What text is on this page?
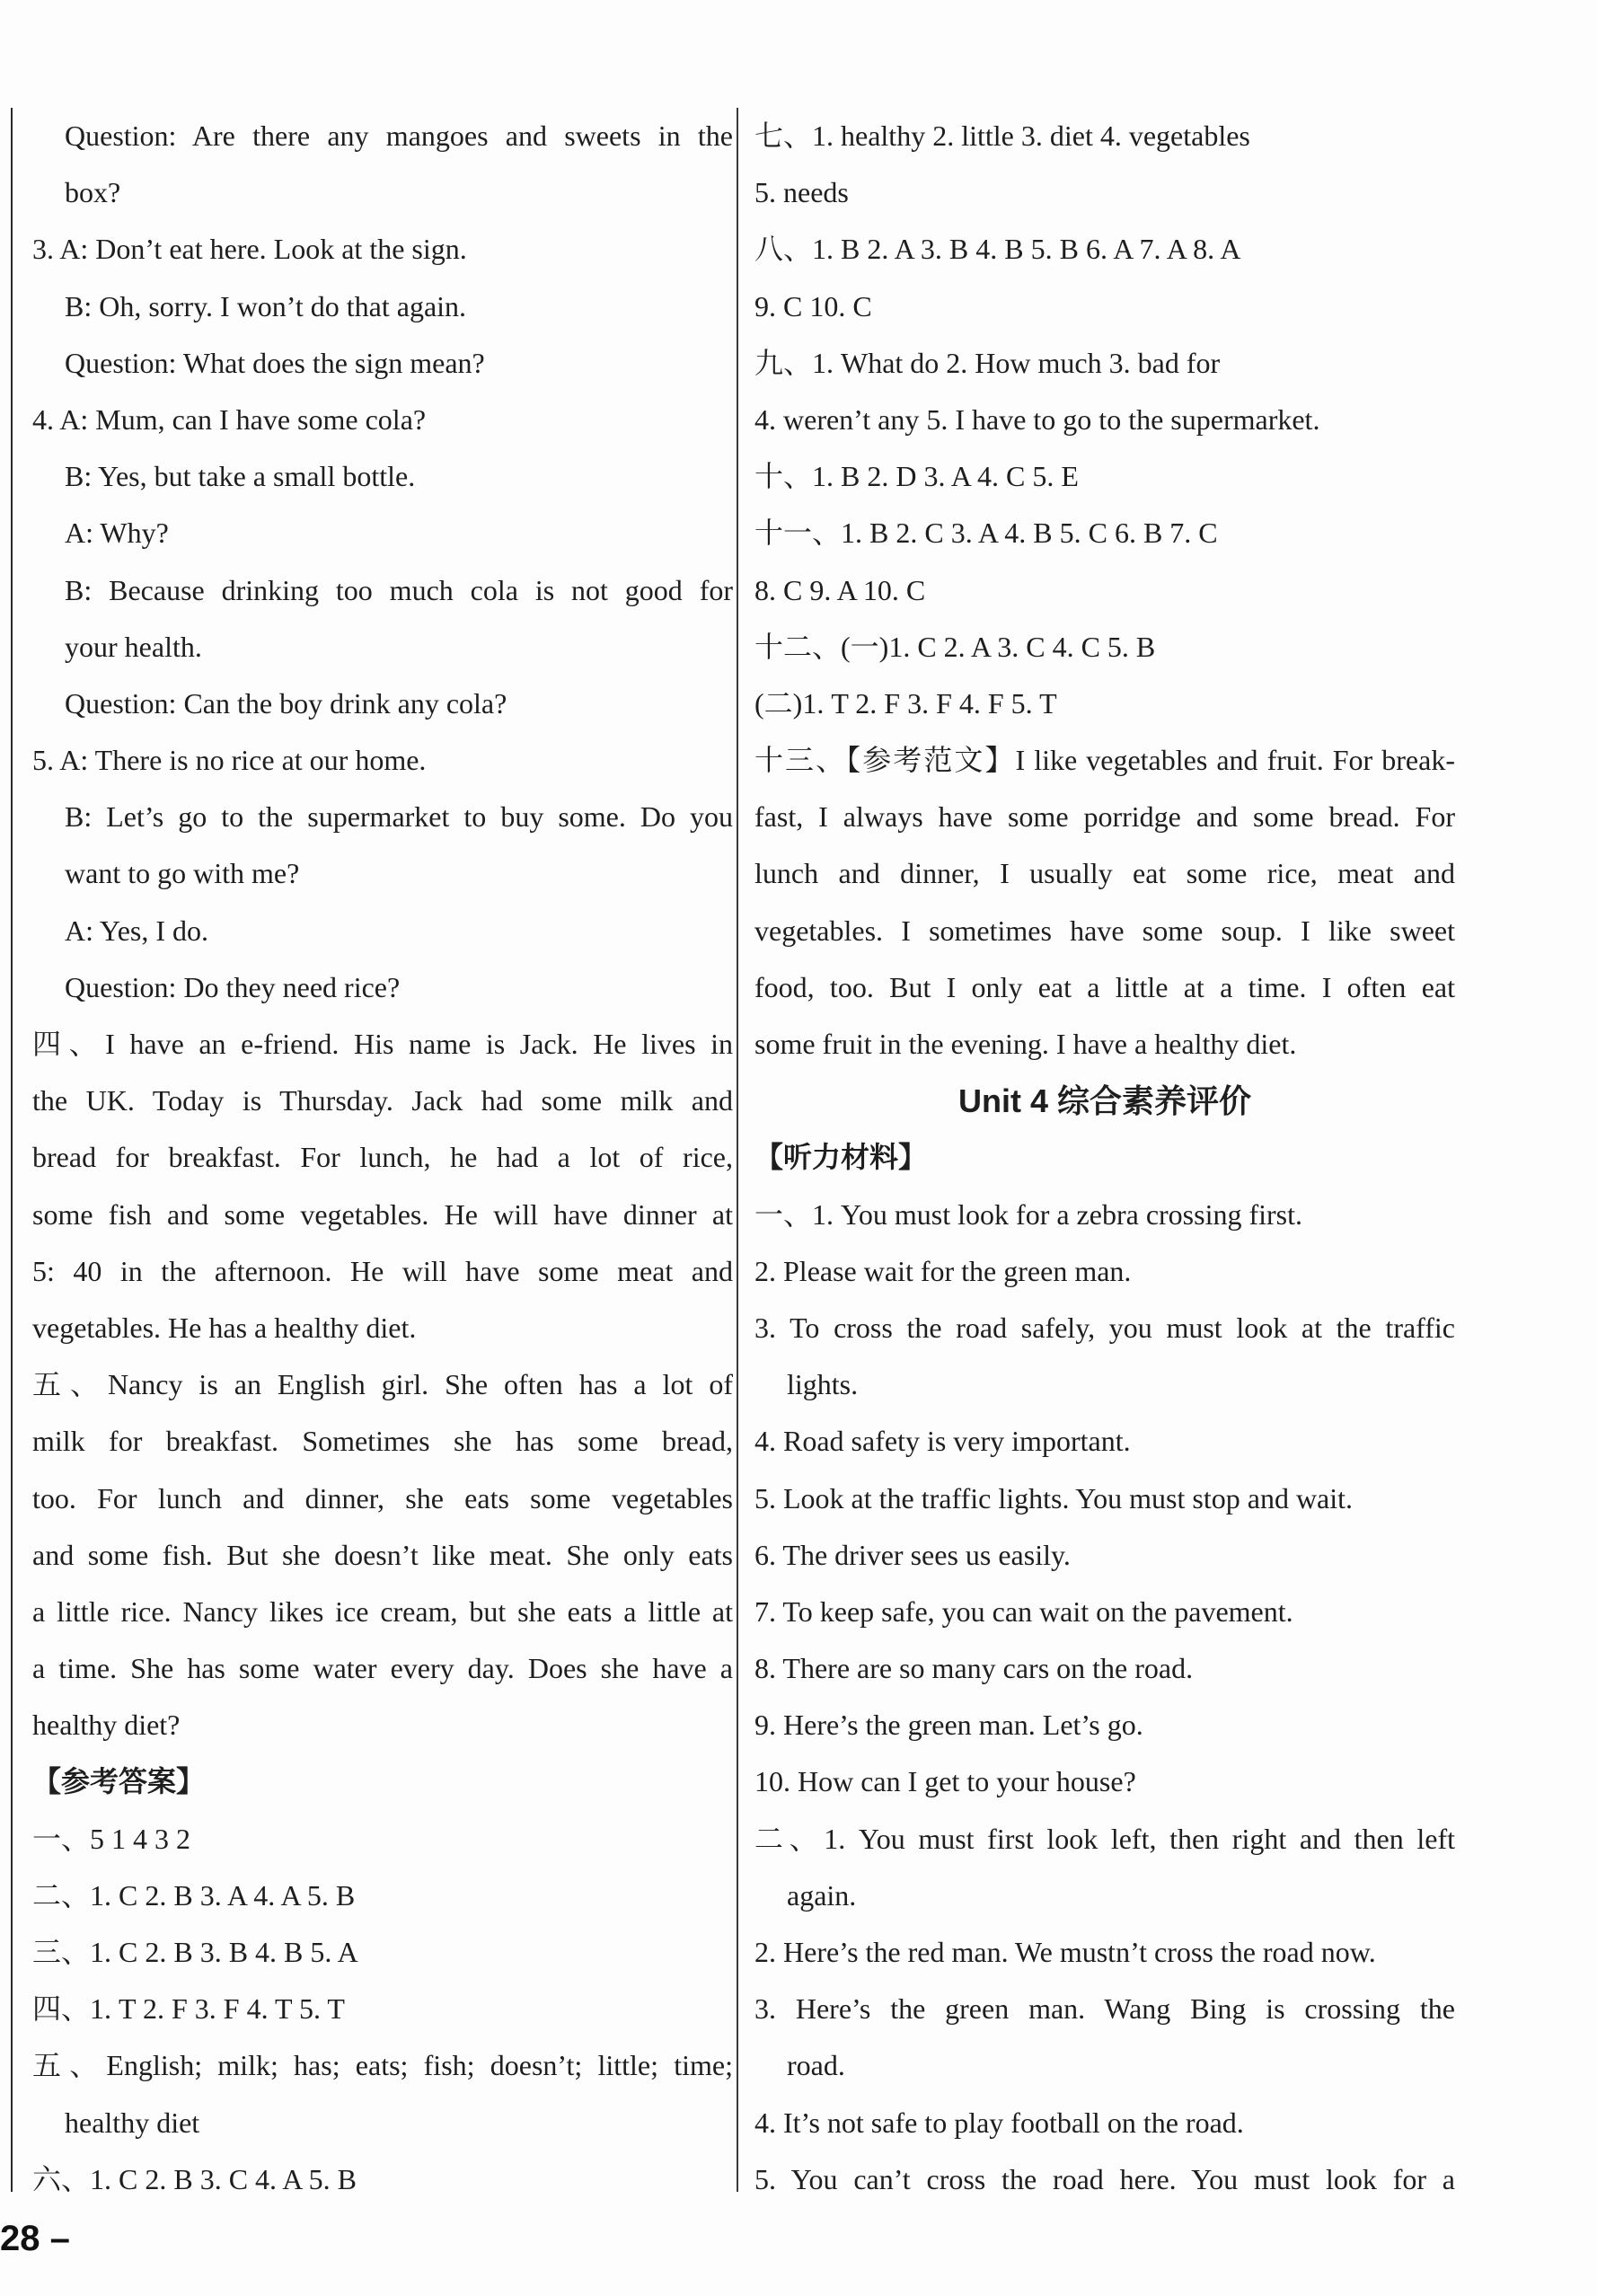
Question: Are there any mangoes and sweets in the
box?
3. A: Don’t eat here. Look at the sign.
B: Oh, sorry. I won’t do that again.
Question: What does the sign mean?
4. A: Mum, can I have some cola?
B: Yes, but take a small bottle.
A: Why?
B: Because drinking too much cola is not good for
your health.
Question: Can the boy drink any cola?
5. A: There is no rice at our home.
B: Let’s go to the supermarket to buy some. Do you
want to go with me?
A: Yes, I do.
Question: Do they need rice?
四、I have an e-friend. His name is Jack. He lives in
the UK. Today is Thursday. Jack had some milk and
bread for breakfast. For lunch, he had a lot of rice,
some fish and some vegetables. He will have dinner at
5: 40 in the afternoon. He will have some meat and
vegetables. He has a healthy diet.
五、Nancy is an English girl. She often has a lot of
milk for breakfast. Sometimes she has some bread,
too. For lunch and dinner, she eats some vegetables
and some fish. But she doesn’t like meat. She only eats
a little rice. Nancy likes ice cream, but she eats a little at
a time. She has some water every day. Does she have a
healthy diet?
【参考答案】
一、5 1 4 3 2
二、1. C 2. B 3. A 4. A 5. B
三、1. C 2. B 3. B 4. B 5. A
四、1. T 2. F 3. F 4. T 5. T
五、English; milk; has; eats; fish; doesn’t; little; time;
healthy diet
六、1. C 2. B 3. C 4. A 5. B
七、1. healthy 2. little 3. diet 4. vegetables
5. needs
八、1. B 2. A 3. B 4. B 5. B 6. A 7. A 8. A
9. C 10. C
九、1. What do 2. How much 3. bad for
4. weren’t any 5. I have to go to the supermarket.
十、1. B 2. D 3. A 4. C 5. E
十一、1. B 2. C 3. A 4. B 5. C 6. B 7. C
8. C 9. A 10. C
十二、(一)1. C 2. A 3. C 4. C 5. B
(二)1. T 2. F 3. F 4. F 5. T
十三、【参考范文】I like vegetables and fruit. For break-
fast, I always have some porridge and some bread. For
lunch and dinner, I usually eat some rice, meat and
vegetables. I sometimes have some soup. I like sweet
food, too. But I only eat a little at a time. I often eat
some fruit in the evening. I have a healthy diet.
Unit 4 综合素养评价
【听力材料】
一、1. You must look for a zebra crossing first.
2. Please wait for the green man.
3. To cross the road safely, you must look at the traffic
lights.
4. Road safety is very important.
5. Look at the traffic lights. You must stop and wait.
6. The driver sees us easily.
7. To keep safe, you can wait on the pavement.
8. There are so many cars on the road.
9. Here’s the green man. Let’s go.
10. How can I get to your house?
二、1. You must first look left, then right and then left
again.
2. Here’s the red man. We mustn’t cross the road now.
3. Here’s the green man. Wang Bing is crossing the
road.
4. It’s not safe to play football on the road.
5. You can’t cross the road here. You must look for a
28 –
